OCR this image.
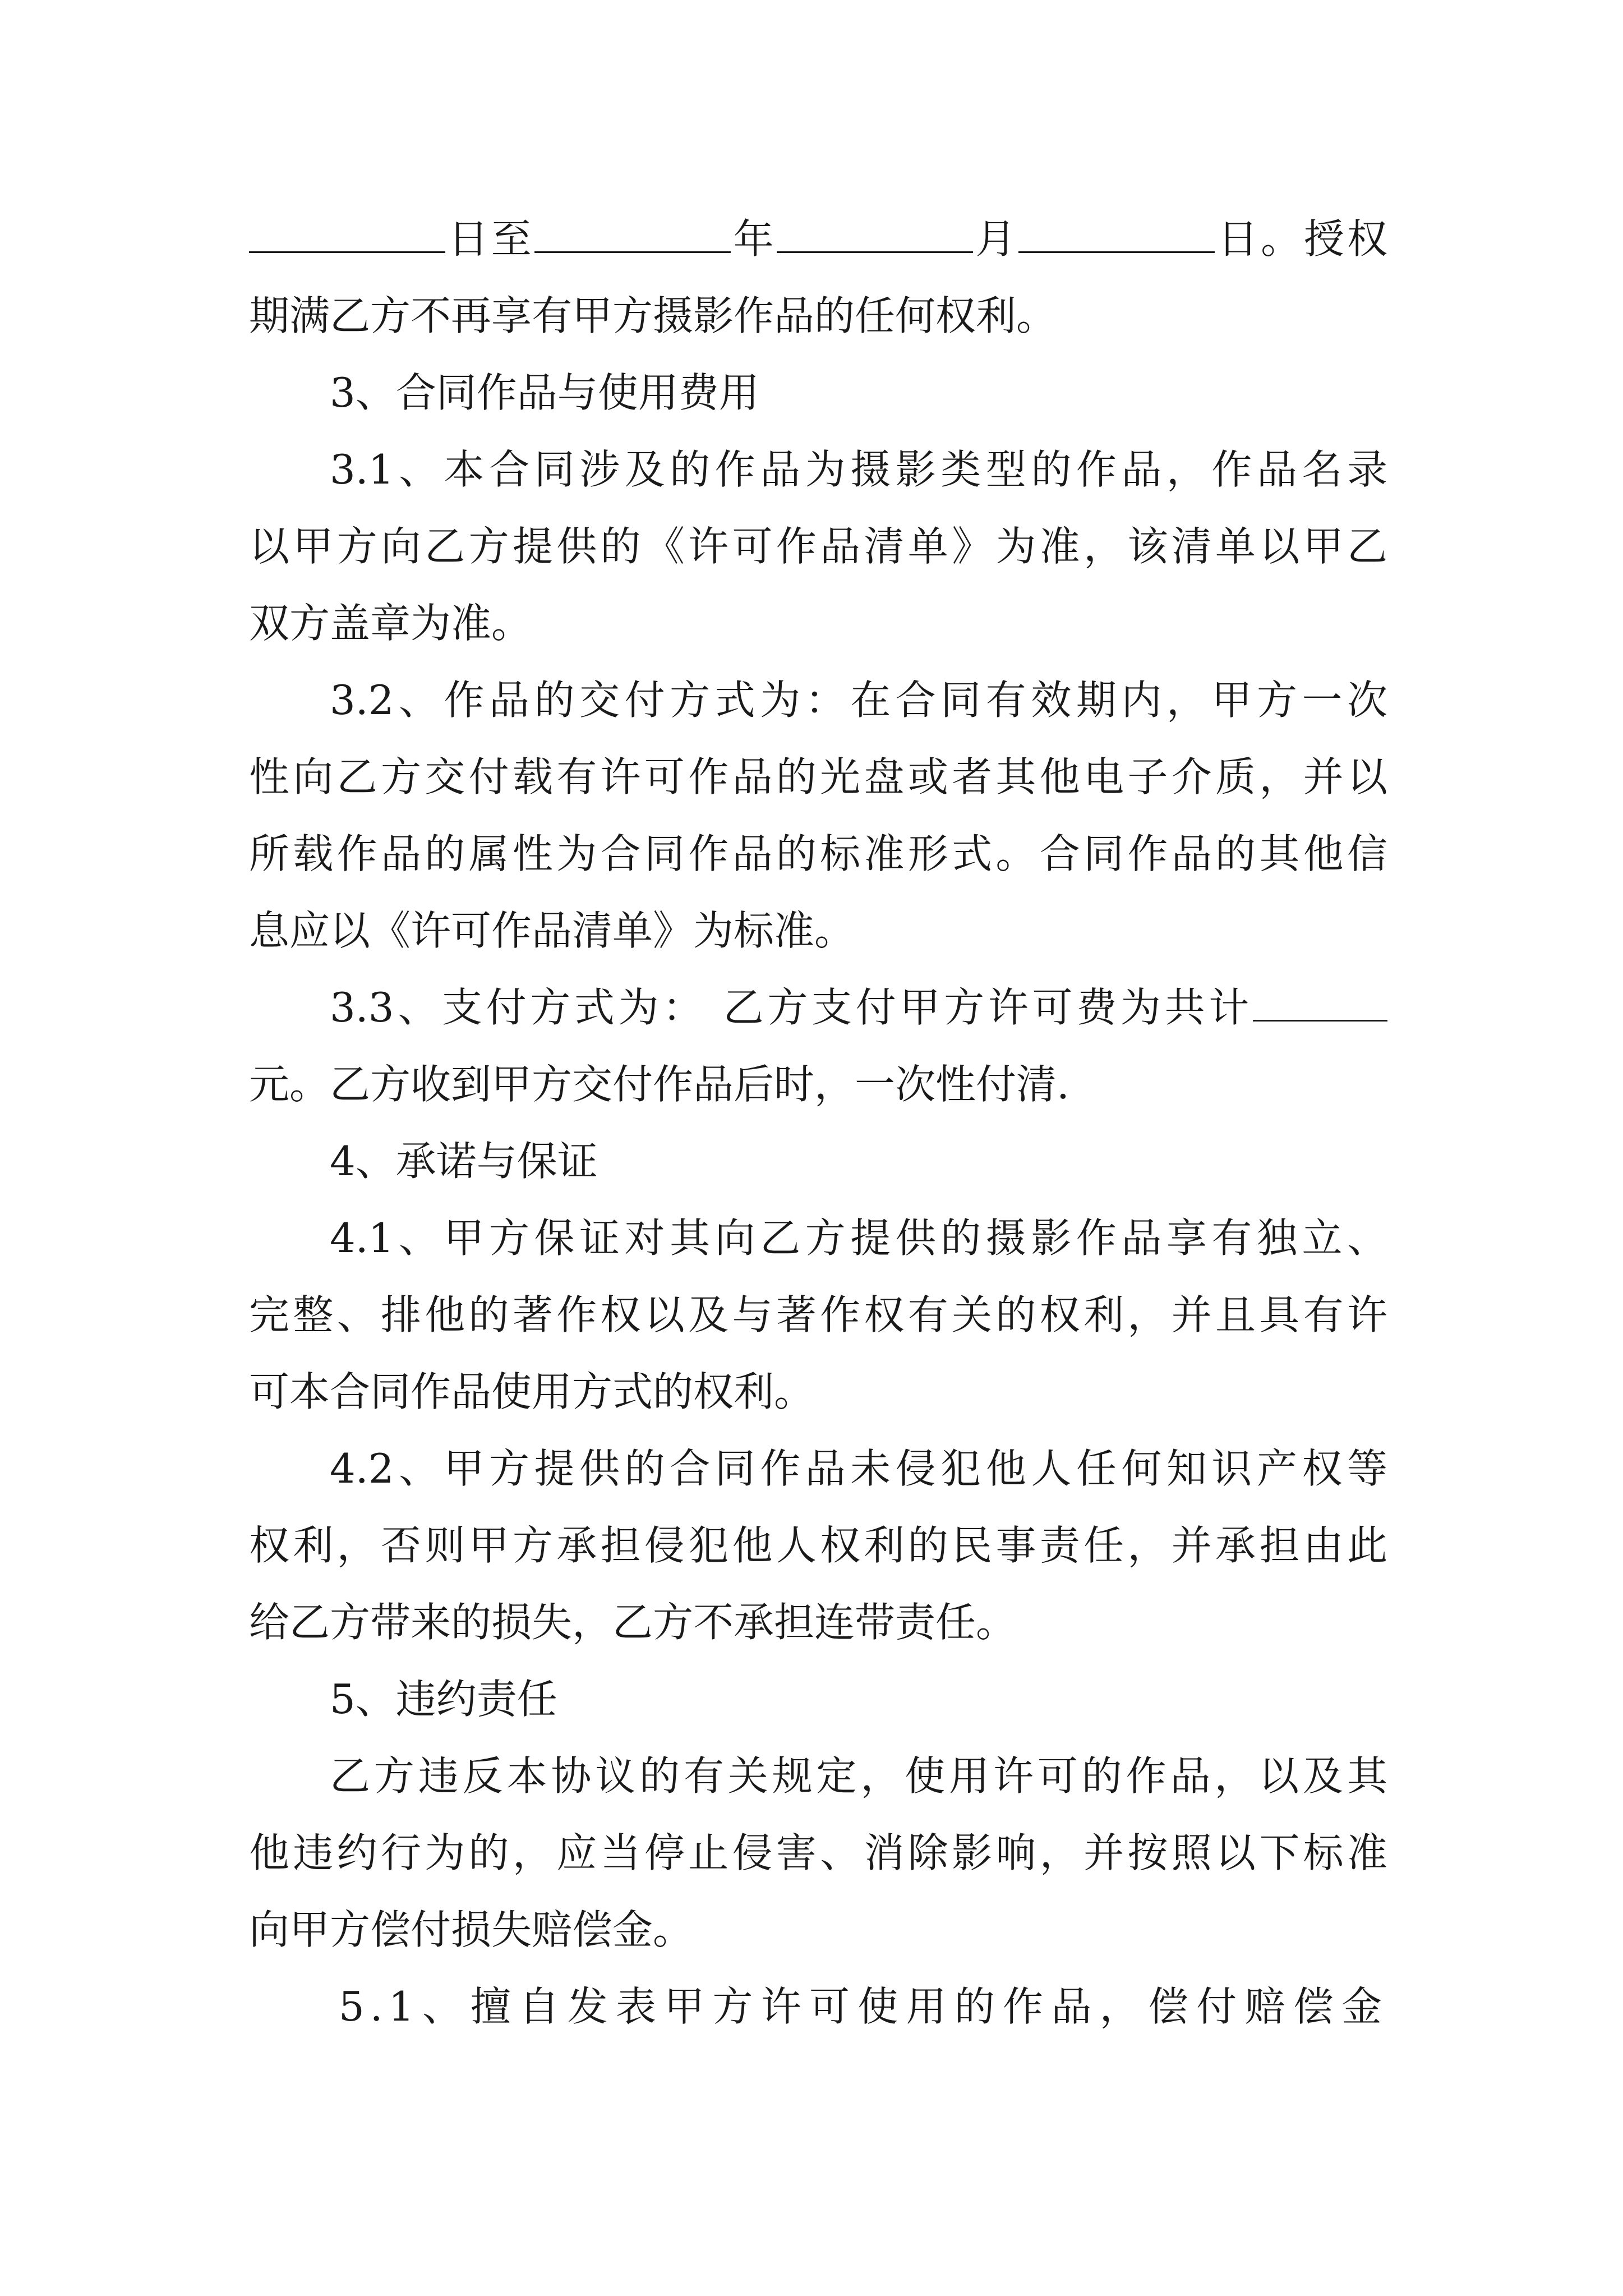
日至	年	月	日。授权
期满乙方不再享有甲方摄影作品的任何权利。
3、合同作品与使用费用
3.1、本合同涉及的作品为摄影类型的作品，作品名录
以甲方向乙方提供的《许可作品清单》为准，该清单以甲乙
双方盖章为准。
3.2、作品的交付方式为：在合同有效期内，甲方一次
性向乙方交付载有许可作品的光盘或者其他电子介质，并以
所载作品的属性为合同作品的标准形式。合同作品的其他信
息应以《许可作品清单》为标准。
3.3、支付方式为： 乙方支付甲方许可费为共计
元。乙方收到甲方交付作品后时，一次性付清.
4、承诺与保证
4.1、甲方保证对其向乙方提供的摄影作品享有独立、
完整、排他的著作权以及与著作权有关的权利，并且具有许
可本合同作品使用方式的权利。
4.2、甲方提供的合同作品未侵犯他人任何知识产权等
权利，否则甲方承担侵犯他人权利的民事责任，并承担由此
给乙方带来的损失，乙方不承担连带责任。
5、违约责任
乙方违反本协议的有关规定，使用许可的作品，以及其
他违约行为的，应当停止侵害、消除影响，并按照以下标准
向甲方偿付损失赔偿金。
5.1、擅自发表甲方许可使用的作品，偿付赔偿金
